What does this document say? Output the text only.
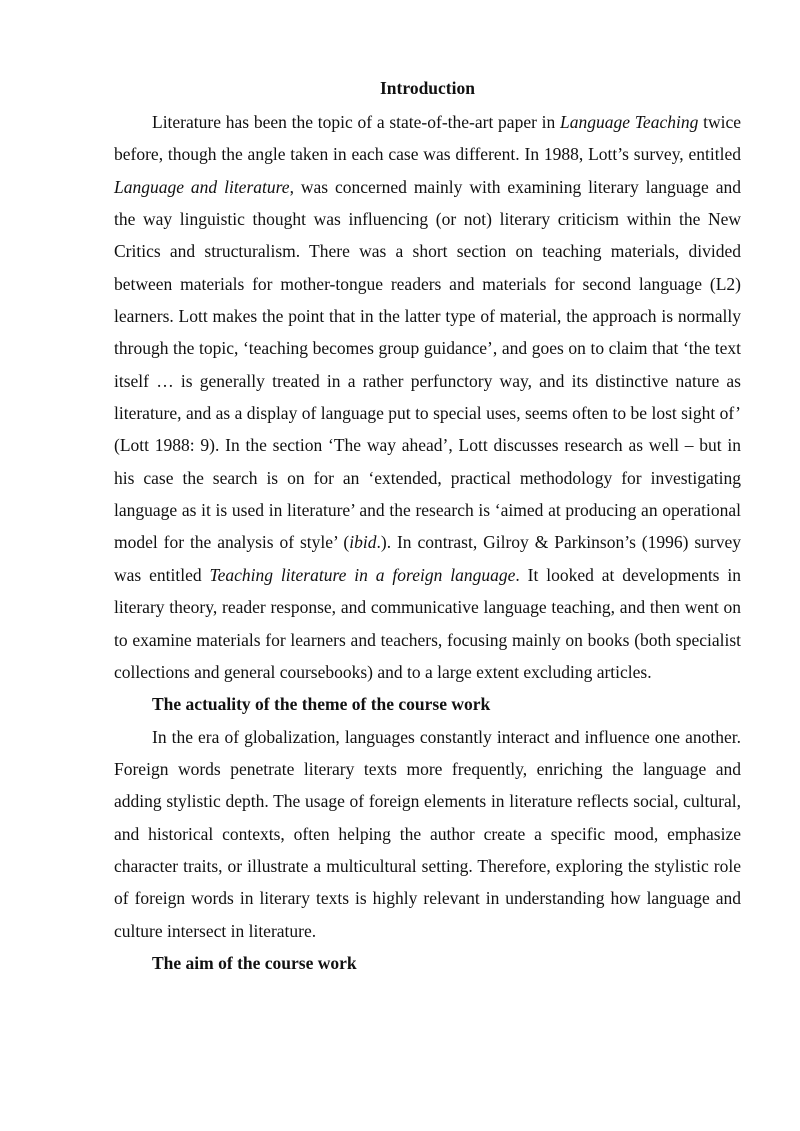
Introduction

Literature has been the topic of a state-of-the-art paper in Language Teaching twice before, though the angle taken in each case was different. In 1988, Lott’s survey, entitled Language and literature, was concerned mainly with examining literary language and the way linguistic thought was influencing (or not) literary criticism within the New Critics and structuralism. There was a short section on teaching materials, divided between materials for mother-tongue readers and materials for second language (L2) learners. Lott makes the point that in the latter type of material, the approach is normally through the topic, ‘teaching becomes group guidance’, and goes on to claim that ‘the text itself … is generally treated in a rather perfunctory way, and its distinctive nature as literature, and as a display of language put to special uses, seems often to be lost sight of’ (Lott 1988: 9). In the section ‘The way ahead’, Lott discusses research as well – but in his case the search is on for an ‘extended, practical methodology for investigating language as it is used in literature’ and the research is ‘aimed at producing an operational model for the analysis of style’ (ibid.). In contrast, Gilroy & Parkinson’s (1996) survey was entitled Teaching literature in a foreign language. It looked at developments in literary theory, reader response, and communicative language teaching, and then went on to examine materials for learners and teachers, focusing mainly on books (both specialist collections and general coursebooks) and to a large extent excluding articles.

The actuality of the theme of the course work

In the era of globalization, languages constantly interact and influence one another. Foreign words penetrate literary texts more frequently, enriching the language and adding stylistic depth. The usage of foreign elements in literature reflects social, cultural, and historical contexts, often helping the author create a specific mood, emphasize character traits, or illustrate a multicultural setting. Therefore, exploring the stylistic role of foreign words in literary texts is highly relevant in understanding how language and culture intersect in literature.

The aim of the course work
